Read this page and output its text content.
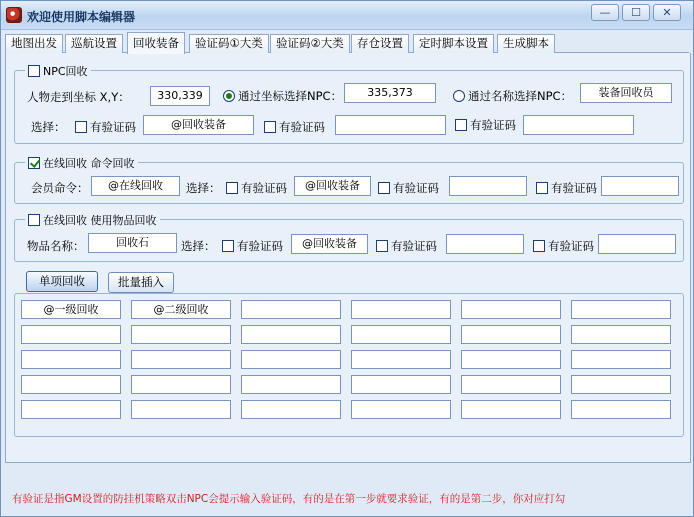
欢迎使用脚本编辑器	—	☐	✕
地图出发	巡航设置	回收装备	验证码①大类	验证码②大类	存仓设置	定时脚本设置	生成脚本
NPC回收
人物走到坐标 X,Y：	330,339	通过坐标选择NPC：	335,373	通过名称选择NPC：	装备回收员
选择： 有验证码	@回收装备	有验证码	有验证码
在线回收 命令回收
会员命令：	@在线回收	选择： 有验证码	@回收装备	有验证码	有验证码
在线回收 使用物品回收
物品名称：	回收石	选择： 有验证码	@回收装备	有验证码	有验证码
单项回收	批量插入
@一级回收	@二级回收
有验证是指GM设置的防挂机策略双击NPC会提示输入验证码，有的是在第一步就要求验证，有的是第二步，你对应打勾
